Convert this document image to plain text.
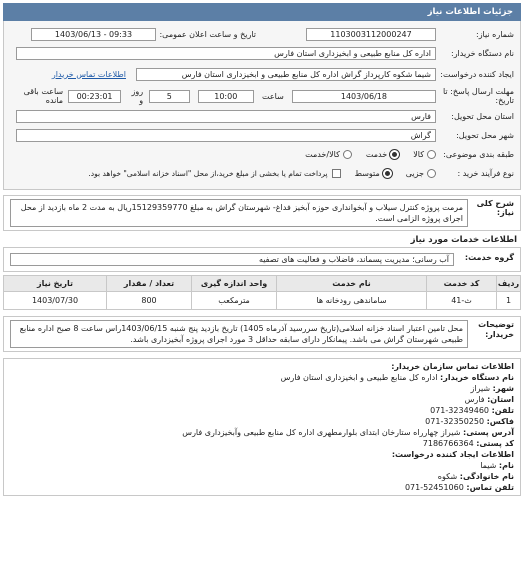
جزئیات اطلاعات نیاز
شماره نیاز:
1103003112000247
تاریخ و ساعت اعلان عمومی:
1403/06/13 - 09:33
نام دستگاه خریدار:
اداره کل منابع طبیعی و ابخیزداری استان فارس
ایجاد کننده درخواست:
شیما شکوه کارپرداز گراش اداره کل منابع طبیعی و ابخیزداری استان فارس
اطلاعات تماس خریدار
مهلت ارسال پاسخ: تا تاریخ:
1403/06/18
ساعت
10:00
5
روز و
00:23:01
ساعت باقی مانده
استان محل تحویل:
فارس
شهر محل تحویل:
گراش
طبقه بندی موضوعی:
کالا
خدمت
کالا/خدمت
نوع فرآیند خرید :
جزیی
متوسط
پرداخت تمام یا بخشی از مبلغ خرید،از محل "اسناد خزانه اسلامی" خواهد بود.
شرح کلی نیاز:
مرمت پروژه کنترل سیلاب و آبخوانداری حوزه آبخیز فداغ- شهرستان گراش به مبلغ 15129359770ریال به مدت 2 ماه بازدید از محل اجرای پروژه الزامی است.
اطلاعات خدمات مورد نیاز
گروه خدمت:
آب رسانی؛ مدیریت پسماند، فاضلاب و فعالیت های تصفیه
ردیف	کد خدمت	نام خدمت	واحد اندازه گیری	تعداد / مقدار	تاریخ نیاز
1	ث-41	ساماندهی رودخانه ها	مترمکعب	800	1403/07/30
توضیحات خریدار:
محل تامین اعتبار اسناد خزانه اسلامی(تاریخ سررسید آذرماه 1405) تاریخ بازدید پنج شنبه 1403/06/15راس ساعت 8 صبح اداره منابع طبیعی شهرستان گراش می باشد. پیمانکار دارای سابقه حداقل 3 مورد اجرای پروژه آبخیزداری باشد.
اطلاعات تماس سازمان خریدار:
نام دستگاه خریدار: اداره کل منابع طبیعی و ابخیزداری استان فارس
شهر: شیراز
استان: فارس
تلفن: 32349460-071
فاکس: 32350250-071
آدرس پستی: شیراز چهارراه ستارخان ابتدای بلوارمطهری اداره کل منابع طبیعی وآبخیزداری فارس
کد پستی: 7186766364
اطلاعات ایجاد کننده درخواست:
نام: شیما
نام خانوادگی: شکوه
تلفن تماس: 52451060-071
